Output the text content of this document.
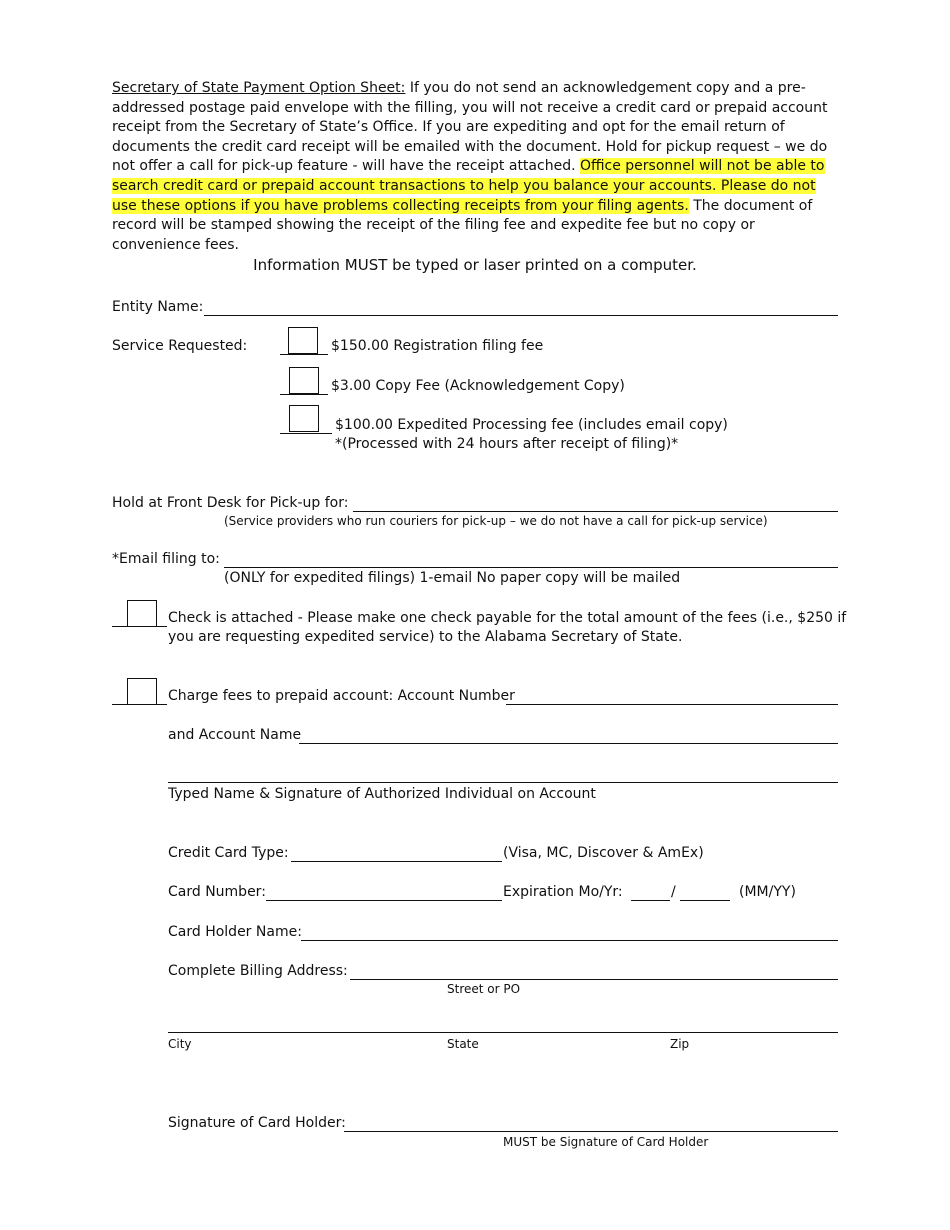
Secretary of State Payment Option Sheet: If you do not send an acknowledgement copy and a pre-addressed postage paid envelope with the filling, you will not receive a credit card or prepaid account receipt from the Secretary of State’s Office. If you are expediting and opt for the email return of documents the credit card receipt will be emailed with the document. Hold for pickup request – we do not offer a call for pick-up feature - will have the receipt attached. Office personnel will not be able to search credit card or prepaid account transactions to help you balance your accounts. Please do not use these options if you have problems collecting receipts from your filing agents. The document of record will be stamped showing the receipt of the filing fee and expedite fee but no copy or convenience fees.
Information MUST be typed or laser printed on a computer.
Entity Name:
Service Requested:	$150.00 Registration filing fee
$3.00 Copy Fee (Acknowledgement Copy)
$100.00 Expedited Processing fee (includes email copy)
*(Processed with 24 hours after receipt of filing)*
Hold at Front Desk for Pick-up for:
(Service providers who run couriers for pick-up – we do not have a call for pick-up service)
*Email filing to:
(ONLY for expedited filings) 1-email No paper copy will be mailed
Check is attached - Please make one check payable for the total amount of the fees (i.e., $250 if
you are requesting expedited service) to the Alabama Secretary of State.
Charge fees to prepaid account: Account Number
and Account Name
Typed Name & Signature of Authorized Individual on Account
Credit Card Type:	(Visa, MC, Discover & AmEx)
Card Number:	Expiration Mo/Yr:	/	(MM/YY)
Card Holder Name:
Complete Billing Address:
Street or PO
City	State	Zip
Signature of Card Holder:
MUST be Signature of Card Holder
